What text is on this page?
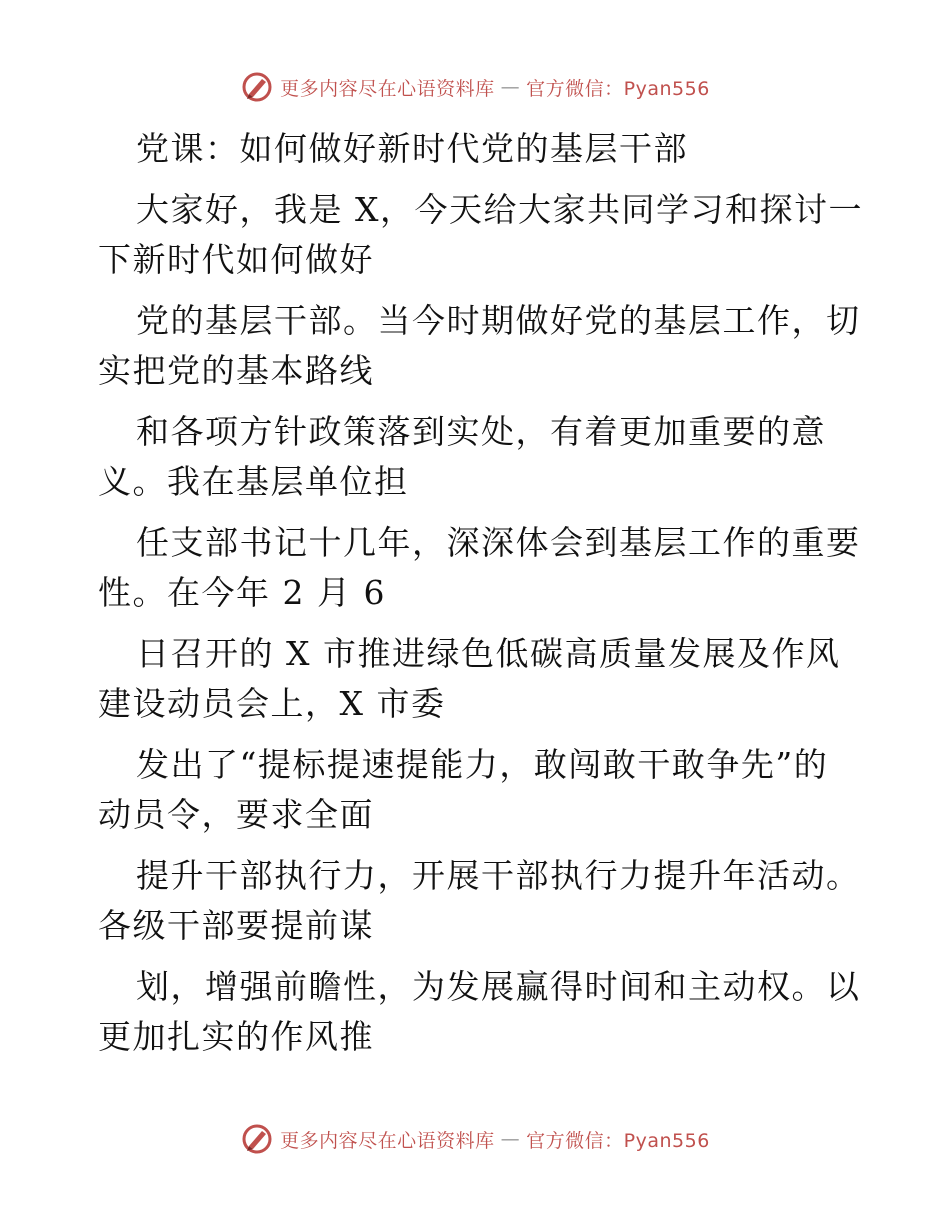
更多内容尽在心语资料库 — 官方微信：Pyan556
党课：如何做好新时代党的基层干部
大家好，我是 X，今天给大家共同学习和探讨一
下新时代如何做好
党的基层干部。当今时期做好党的基层工作，切
实把党的基本路线
和各项方针政策落到实处，有着更加重要的意
义。我在基层单位担
任支部书记十几年，深深体会到基层工作的重要
性。在今年 2 月 6
日召开的 X 市推进绿色低碳高质量发展及作风
建设动员会上，X 市委
发出了“提标提速提能力，敢闯敢干敢争先”的
动员令，要求全面
提升干部执行力，开展干部执行力提升年活动。
各级干部要提前谋
划，增强前瞻性，为发展赢得时间和主动权。以
更加扎实的作风推
更多内容尽在心语资料库 — 官方微信：Pyan556
